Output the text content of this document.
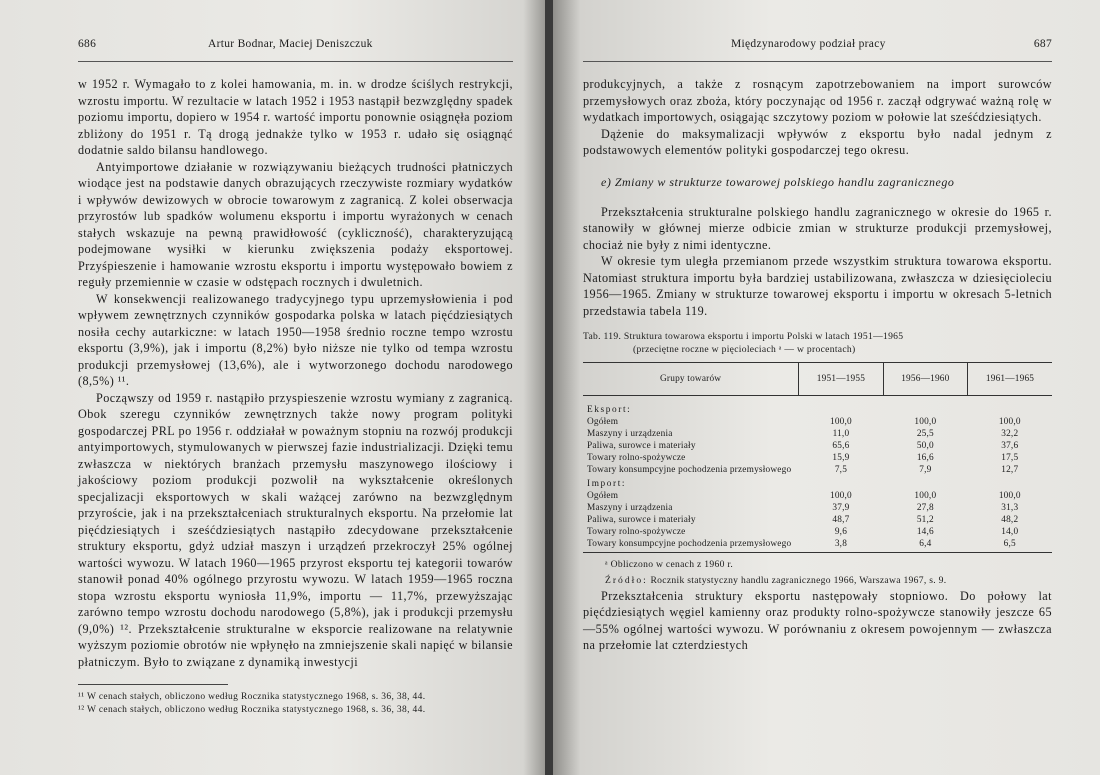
686	Artur Bodnar, Maciej Deniszczuk

w 1952 r. Wymagało to z kolei hamowania, m. in. w drodze ściślych restrykcji, wzrostu importu. W rezultacie w latach 1952 i 1953 nastąpił bezwzględny spadek poziomu importu, dopiero w 1954 r. wartość importu ponownie osiągnęła poziom zbliżony do 1951 r. Tą drogą jednakże tylko w 1953 r. udało się osiągnąć dodatnie saldo bilansu handlowego.

Antyimportowe działanie w rozwiązywaniu bieżących trudności płatniczych wiodące jest na podstawie danych obrazujących rzeczywiste rozmiary wydatków i wpływów dewizowych w obrocie towarowym z zagranicą. Z kolei obserwacja przyrostów lub spadków wolumenu eksportu i importu wyrażonych w cenach stałych wskazuje na pewną prawidłowość (cykliczność), charakteryzującą podejmowane wysiłki w kierunku zwiększenia podaży eksportowej. Przyśpieszenie i hamowanie wzrostu eksportu i importu występowało bowiem z reguły przemiennie w czasie w odstępach rocznych i dwuletnich.

W konsekwencji realizowanego tradycyjnego typu uprzemysłowienia i pod wpływem zewnętrznych czynników gospodarka polska w latach pięćdziesiątych nosiła cechy autarkiczne: w latach 1950—1958 średnio roczne tempo wzrostu eksportu (3,9%), jak i importu (8,2%) było niższe nie tylko od tempa wzrostu produkcji przemysłowej (13,6%), ale i wytworzonego dochodu narodowego (8,5%) ¹¹.

Począwszy od 1959 r. nastąpiło przyspieszenie wzrostu wymiany z zagranicą. Obok szeregu czynników zewnętrznych także nowy program polityki gospodarczej PRL po 1956 r. oddziałał w poważnym stopniu na rozwój produkcji antyimportowych, stymulowanych w pierwszej fazie industrializacji. Dzięki temu zwłaszcza w niektórych branżach przemysłu maszynowego ilościowy i jakościowy poziom produkcji pozwolił na wykształcenie określonych specjalizacji eksportowych w skali ważącej zarówno na bezwzględnym przyroście, jak i na przekształceniach strukturalnych eksportu. Na przełomie lat pięćdziesiątych i sześćdziesiątych nastąpiło zdecydowane przekształcenie struktury eksportu, gdyż udział maszyn i urządzeń przekroczył 25% ogólnej wartości wywozu. W latach 1960—1965 przyrost eksportu tej kategorii towarów stanowił ponad 40% ogólnego przyrostu wywozu. W latach 1959—1965 roczna stopa wzrostu eksportu wyniosła 11,9%, importu — 11,7%, przewyższając zarówno tempo wzrostu dochodu narodowego (5,8%), jak i produkcji przemysłu (9,0%) ¹². Przekształcenie strukturalne w eksporcie realizowane na relatywnie wyższym poziomie obrotów nie wpłynęło na zmniejszenie skali napięć w bilansie płatniczym. Było to związane z dynamiką inwestycji

¹¹ W cenach stałych, obliczono według Rocznika statystycznego 1968, s. 36, 38, 44.

¹² W cenach stałych, obliczono według Rocznika statystycznego 1968, s. 36, 38, 44.

Międzynarodowy podział pracy	687

produkcyjnych, a także z rosnącym zapotrzebowaniem na import surowców przemysłowych oraz zboża, który poczynając od 1956 r. zaczął odgrywać ważną rolę w wydatkach importowych, osiągając szczytowy poziom w połowie lat sześćdziesiątych.

Dążenie do maksymalizacji wpływów z eksportu było nadal jednym z podstawowych elementów polityki gospodarczej tego okresu.

e) Zmiany w strukturze towarowej polskiego handlu zagranicznego

Przekształcenia strukturalne polskiego handlu zagranicznego w okresie do 1965 r. stanowiły w głównej mierze odbicie zmian w strukturze produkcji przemysłowej, chociaż nie były z nimi identyczne.

W okresie tym uległa przemianom przede wszystkim struktura towarowa eksportu. Natomiast struktura importu była bardziej ustabilizowana, zwłaszcza w dziesięcioleciu 1956—1965. Zmiany w strukturze towarowej eksportu i importu w okresach 5-letnich przedstawia tabela 119.

Tab. 119. Struktura towarowa eksportu i importu Polski w latach 1951—1965
(przeciętne roczne w pięcioleciach ᵃ — w procentach)
Grupy towarów	1951—1955	1956—1960	1961—1965
Eksport:			
Ogółem	100,0	100,0	100,0
Maszyny i urządzenia	11,0	25,5	32,2
Paliwa, surowce i materiały	65,6	50,0	37,6
Towary rolno-spożywcze	15,9	16,6	17,5
Towary konsumpcyjne pochodzenia przemysłowego	7,5	7,9	12,7
Import:			
Ogółem	100,0	100,0	100,0
Maszyny i urządzenia	37,9	27,8	31,3
Paliwa, surowce i materiały	48,7	51,2	48,2
Towary rolno-spożywcze	9,6	14,6	14,0
Towary konsumpcyjne pochodzenia przemysłowego	3,8	6,4	6,5
ᵃ Obliczono w cenach z 1960 r.
Źródło: Rocznik statystyczny handlu zagranicznego 1966, Warszawa 1967, s. 9.

Przekształcenia struktury eksportu następowały stopniowo. Do połowy lat pięćdziesiątych węgiel kamienny oraz produkty rolno-spożywcze stanowiły jeszcze 65—55% ogólnej wartości wywozu. W porównaniu z okresem powojennym — zwłaszcza na przełomie lat czterdziestych
